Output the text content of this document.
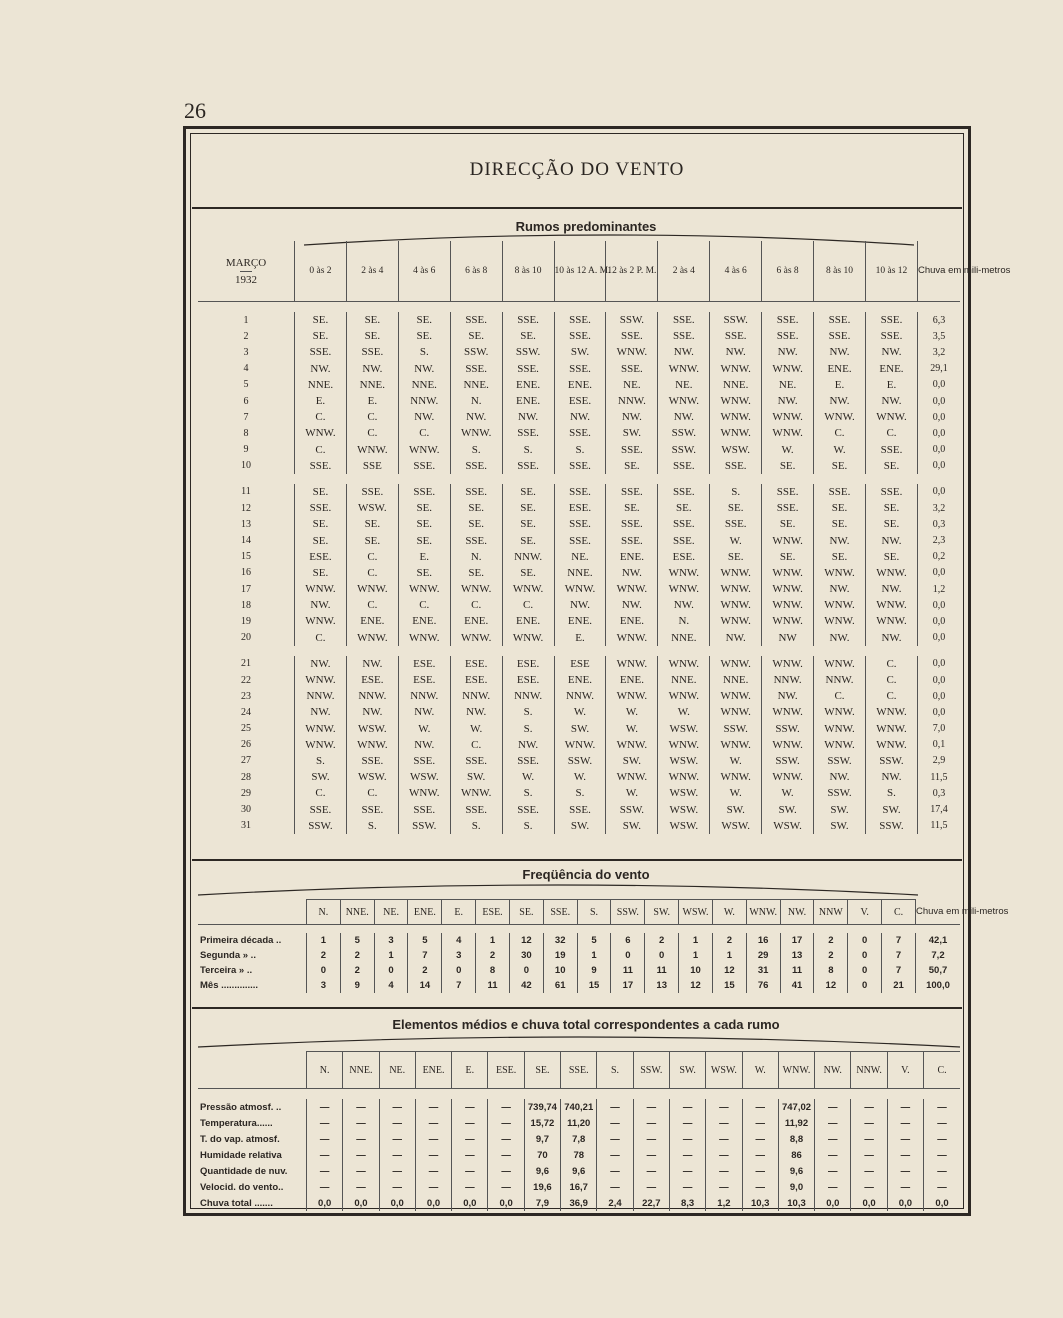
26
DIRECÇÃO DO VENTO
Rumos predominantes
MARÇO
1932	0 às 2	2 às 4	4 às 6	6 às 8	8 às 10	10 às 12 A. M.	12 às 2 P. M.	2 às 4	4 às 6	6 às 8	8 às 10	10 às 12	Chuva em mili-metros

1	SE.	SE.	SE.	SSE.	SSE.	SSE.	SSW.	SSE.	SSW.	SSE.	SSE.	SSE.	6,3
2	SE.	SE.	SE.	SE.	SE.	SSE.	SSE.	SSE.	SSE.	SSE.	SSE.	SSE.	3,5
3	SSE.	SSE.	S.	SSW.	SSW.	SW.	WNW.	NW.	NW.	NW.	NW.	NW.	3,2
4	NW.	NW.	NW.	SSE.	SSE.	SSE.	SSE.	WNW.	WNW.	WNW.	ENE.	ENE.	29,1
5	NNE.	NNE.	NNE.	NNE.	ENE.	ENE.	NE.	NE.	NNE.	NE.	E.	E.	0,0
6	E.	E.	NNW.	N.	ENE.	ESE.	NNW.	WNW.	WNW.	NW.	NW.	NW.	0,0
7	C.	C.	NW.	NW.	NW.	NW.	NW.	NW.	WNW.	WNW.	WNW.	WNW.	0,0
8	WNW.	C.	C.	WNW.	SSE.	SSE.	SW.	SSW.	WNW.	WNW.	C.	C.	0,0
9	C.	WNW.	WNW.	S.	S.	S.	SSE.	SSW.	WSW.	W.	W.	SSE.	0,0
10	SSE.	SSE	SSE.	SSE.	SSE.	SSE.	SE.	SSE.	SSE.	SE.	SE.	SE.	0,0

11	SE.	SSE.	SSE.	SSE.	SE.	SSE.	SSE.	SSE.	S.	SSE.	SSE.	SSE.	0,0
12	SSE.	WSW.	SE.	SE.	SE.	ESE.	SE.	SE.	SE.	SSE.	SE.	SE.	3,2
13	SE.	SE.	SE.	SE.	SE.	SSE.	SSE.	SSE.	SSE.	SE.	SE.	SE.	0,3
14	SE.	SE.	SE.	SSE.	SE.	SSE.	SSE.	SSE.	W.	WNW.	NW.	NW.	2,3
15	ESE.	C.	E.	N.	NNW.	NE.	ENE.	ESE.	SE.	SE.	SE.	SE.	0,2
16	SE.	C.	SE.	SE.	SE.	NNE.	NW.	WNW.	WNW.	WNW.	WNW.	WNW.	0,0
17	WNW.	WNW.	WNW.	WNW.	WNW.	WNW.	WNW.	WNW.	WNW.	WNW.	NW.	NW.	1,2
18	NW.	C.	C.	C.	C.	NW.	NW.	NW.	WNW.	WNW.	WNW.	WNW.	0,0
19	WNW.	ENE.	ENE.	ENE.	ENE.	ENE.	ENE.	N.	WNW.	WNW.	WNW.	WNW.	0,0
20	C.	WNW.	WNW.	WNW.	WNW.	E.	WNW.	NNE.	NW.	NW	NW.	NW.	0,0

21	NW.	NW.	ESE.	ESE.	ESE.	ESE	WNW.	WNW.	WNW.	WNW.	WNW.	C.	0,0
22	WNW.	ESE.	ESE.	ESE.	ESE.	ENE.	ENE.	NNE.	NNE.	NNW.	NNW.	C.	0,0
23	NNW.	NNW.	NNW.	NNW.	NNW.	NNW.	WNW.	WNW.	WNW.	NW.	C.	C.	0,0
24	NW.	NW.	NW.	NW.	S.	W.	W.	W.	WNW.	WNW.	WNW.	WNW.	0,0
25	WNW.	WSW.	W.	W.	S.	SW.	W.	WSW.	SSW.	SSW.	WNW.	WNW.	7,0
26	WNW.	WNW.	NW.	C.	NW.	WNW.	WNW.	WNW.	WNW.	WNW.	WNW.	WNW.	0,1
27	S.	SSE.	SSE.	SSE.	SSE.	SSW.	SW.	WSW.	W.	SSW.	SSW.	SSW.	2,9
28	SW.	WSW.	WSW.	SW.	W.	W.	WNW.	WNW.	WNW.	WNW.	NW.	NW.	11,5
29	C.	C.	WNW.	WNW.	S.	S.	W.	WSW.	W.	W.	SSW.	S.	0,3
30	SSE.	SSE.	SSE.	SSE.	SSE.	SSE.	SSW.	WSW.	SW.	SW.	SW.	SW.	17,4
31	SSW.	S.	SSW.	S.	S.	SW.	SW.	WSW.	WSW.	WSW.	SW.	SSW.	11,5
Freqüência do vento
	N.	NNE.	NE.	ENE.	E.	ESE.	SE.	SSE.	S.	SSW.	SW.	WSW.	W.	WNW.	NW.	NNW	V.	C.	Chuva em mili-metros

Primeira década ..	1	5	3	5	4	1	12	32	5	6	2	1	2	16	17	2	0	7	42,1
Segunda » ..	2	2	1	7	3	2	30	19	1	0	0	1	1	29	13	2	0	7	7,2
Terceira » ..	0	2	0	2	0	8	0	10	9	11	11	10	12	31	11	8	0	7	50,7
Mês ..............	3	9	4	14	7	11	42	61	15	17	13	12	15	76	41	12	0	21	100,0
Elementos médios e chuva total correspondentes a cada rumo
	N.	NNE.	NE.	ENE.	E.	ESE.	SE.	SSE.	S.	SSW.	SW.	WSW.	W.	WNW.	NW.	NNW.	V.	C.

Pressão atmosf. ..	—	—	—	—	—	—	739,74	740,21	—	—	—	—	—	747,02	—	—	—	—
Temperatura......	—	—	—	—	—	—	15,72	11,20	—	—	—	—	—	11,92	—	—	—	—
T. do vap. atmosf.	—	—	—	—	—	—	9,7	7,8	—	—	—	—	—	8,8	—	—	—	—
Humidade relativa	—	—	—	—	—	—	70	78	—	—	—	—	—	86	—	—	—	—
Quantidade de nuv.	—	—	—	—	—	—	9,6	9,6	—	—	—	—	—	9,6	—	—	—	—
Velocid. do vento..	—	—	—	—	—	—	19,6	16,7	—	—	—	—	—	9,0	—	—	—	—
Chuva total .......	0,0	0,0	0,0	0,0	0,0	0,0	7,9	36,9	2,4	22,7	8,3	1,2	10,3	10,3	0,0	0,0	0,0	0,0
